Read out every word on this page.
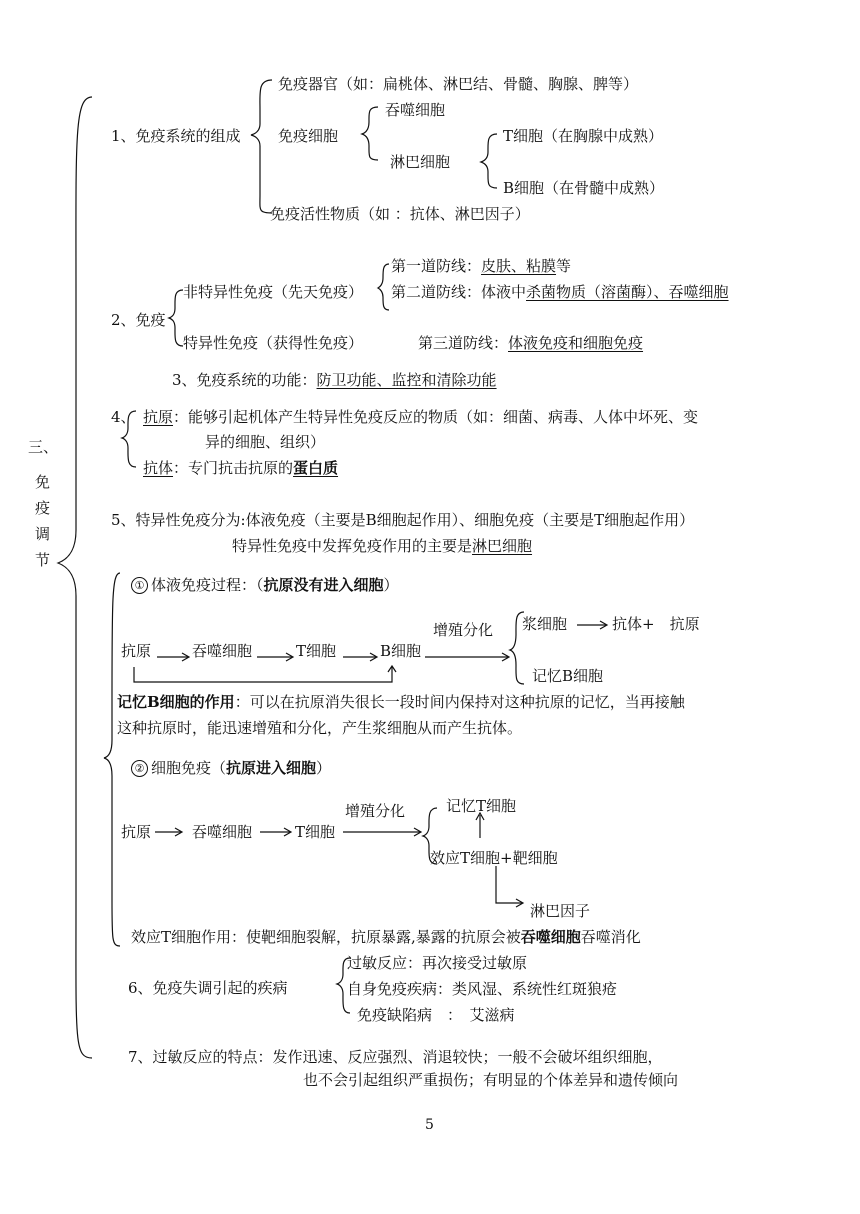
三、
免
疫
调
节
1、免疫系统的组成
免疫器官（如：扁桃体、淋巴结、骨髓、胸腺、脾等）
免疫细胞
吞噬细胞
淋巴细胞
T细胞（在胸腺中成熟）
B细胞（在骨髓中成熟）
免疫活性物质（如 ：抗体、淋巴因子）
2、免疫
非特异性免疫（先天免疫）
第一道防线：皮肤、粘膜等
第二道防线：体液中杀菌物质（溶菌酶）、吞噬细胞
特异性免疫（获得性免疫）	第三道防线：体液免疫和细胞免疫
3、免疫系统的功能：防卫功能、监控和清除功能
4、 抗原：能够引起机体产生特异性免疫反应的物质（如：细菌、病毒、人体中坏死、变
异的细胞、组织）
抗体：专门抗击抗原的蛋白质
5、特异性免疫分为:体液免疫（主要是B细胞起作用）、细胞免疫（主要是T细胞起作用）
特异性免疫中发挥免疫作用的主要是淋巴细胞
① 体液免疫过程：（抗原没有进入细胞）
抗原	吞噬细胞	T细胞	B细胞
增殖分化 浆细胞	抗体+　抗原
记忆B细胞
记忆B细胞的作用：可以在抗原消失很长一段时间内保持对这种抗原的记忆，当再接触
这种抗原时，能迅速增殖和分化，产生浆细胞从而产生抗体。
② 细胞免疫（抗原进入细胞）
抗原	吞噬细胞	T细胞
增殖分化	记忆T细胞
效应T细胞+靶细胞
淋巴因子
效应T细胞作用：使靶细胞裂解，抗原暴露,暴露的抗原会被吞噬细胞吞噬消化
6、免疫失调引起的疾病
过敏反应：再次接受过敏原
自身免疫疾病：类风湿、系统性红斑狼疮
免疫缺陷病　：　艾滋病
7、过敏反应的特点：发作迅速、反应强烈、消退较快；一般不会破坏组织细胞，
也不会引起组织严重损伤；有明显的个体差异和遗传倾向
5
